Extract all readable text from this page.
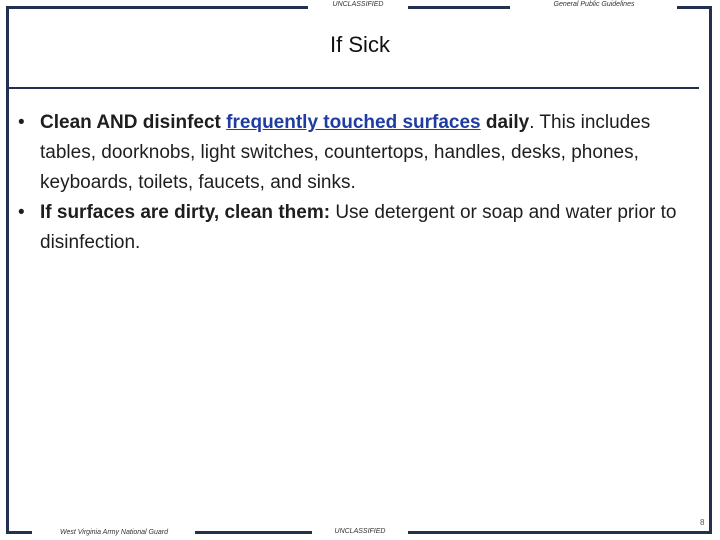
UNCLASSIFIED	General Public Guidelines
If Sick
• Clean AND disinfect frequently touched surfaces daily. This includes tables, doorknobs, light switches, countertops, handles, desks, phones, keyboards, toilets, faucets, and sinks.
• If surfaces are dirty, clean them: Use detergent or soap and water prior to disinfection.
West Virginia Army National Guard	UNCLASSIFIED
8
